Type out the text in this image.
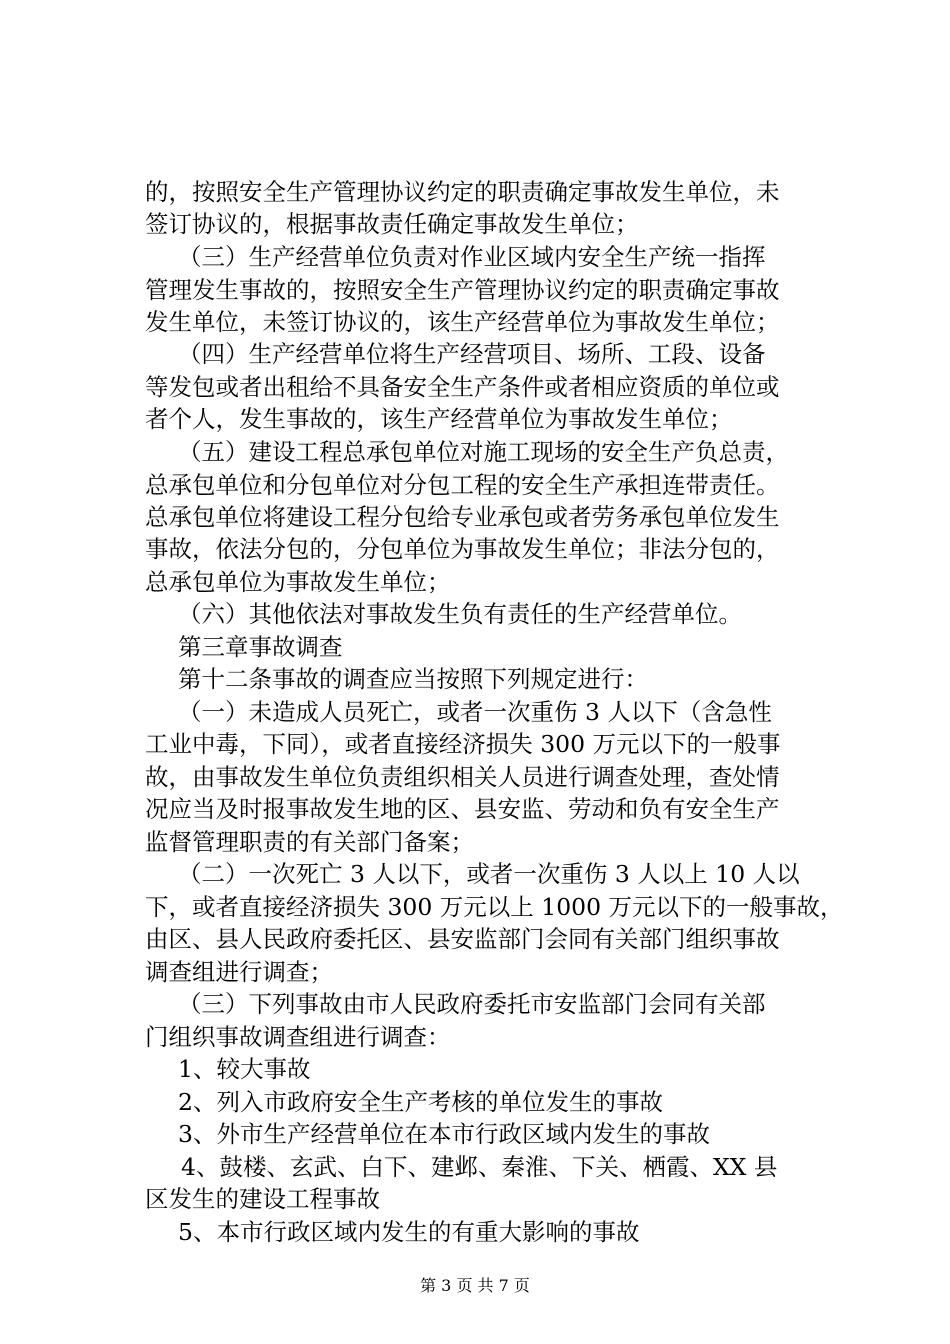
的，按照安全生产管理协议约定的职责确定事故发生单位，未
签订协议的，根据事故责任确定事故发生单位；
（三）生产经营单位负责对作业区域内安全生产统一指挥
管理发生事故的，按照安全生产管理协议约定的职责确定事故
发生单位，未签订协议的，该生产经营单位为事故发生单位；
（四）生产经营单位将生产经营项目、场所、工段、设备
等发包或者出租给不具备安全生产条件或者相应资质的单位或
者个人，发生事故的，该生产经营单位为事故发生单位；
（五）建设工程总承包单位对施工现场的安全生产负总责，
总承包单位和分包单位对分包工程的安全生产承担连带责任。
总承包单位将建设工程分包给专业承包或者劳务承包单位发生
事故，依法分包的，分包单位为事故发生单位；非法分包的，
总承包单位为事故发生单位；
（六）其他依法对事故发生负有责任的生产经营单位。
第三章事故调查
第十二条事故的调查应当按照下列规定进行：
（一）未造成人员死亡，或者一次重伤 3 人以下（含急性
工业中毒，下同），或者直接经济损失 300 万元以下的一般事
故，由事故发生单位负责组织相关人员进行调查处理，查处情
况应当及时报事故发生地的区、县安监、劳动和负有安全生产
监督管理职责的有关部门备案；
（二）一次死亡 3 人以下，或者一次重伤 3 人以上 10 人以
下，或者直接经济损失 300 万元以上 1000 万元以下的一般事故，
由区、县人民政府委托区、县安监部门会同有关部门组织事故
调查组进行调查；
（三）下列事故由市人民政府委托市安监部门会同有关部
门组织事故调查组进行调查：
1、较大事故
2、列入市政府安全生产考核的单位发生的事故
3、外市生产经营单位在本市行政区域内发生的事故
4、鼓楼、玄武、白下、建邺、秦淮、下关、栖霞、XX 县
区发生的建设工程事故
5、本市行政区域内发生的有重大影响的事故
第 3 页 共 7 页
